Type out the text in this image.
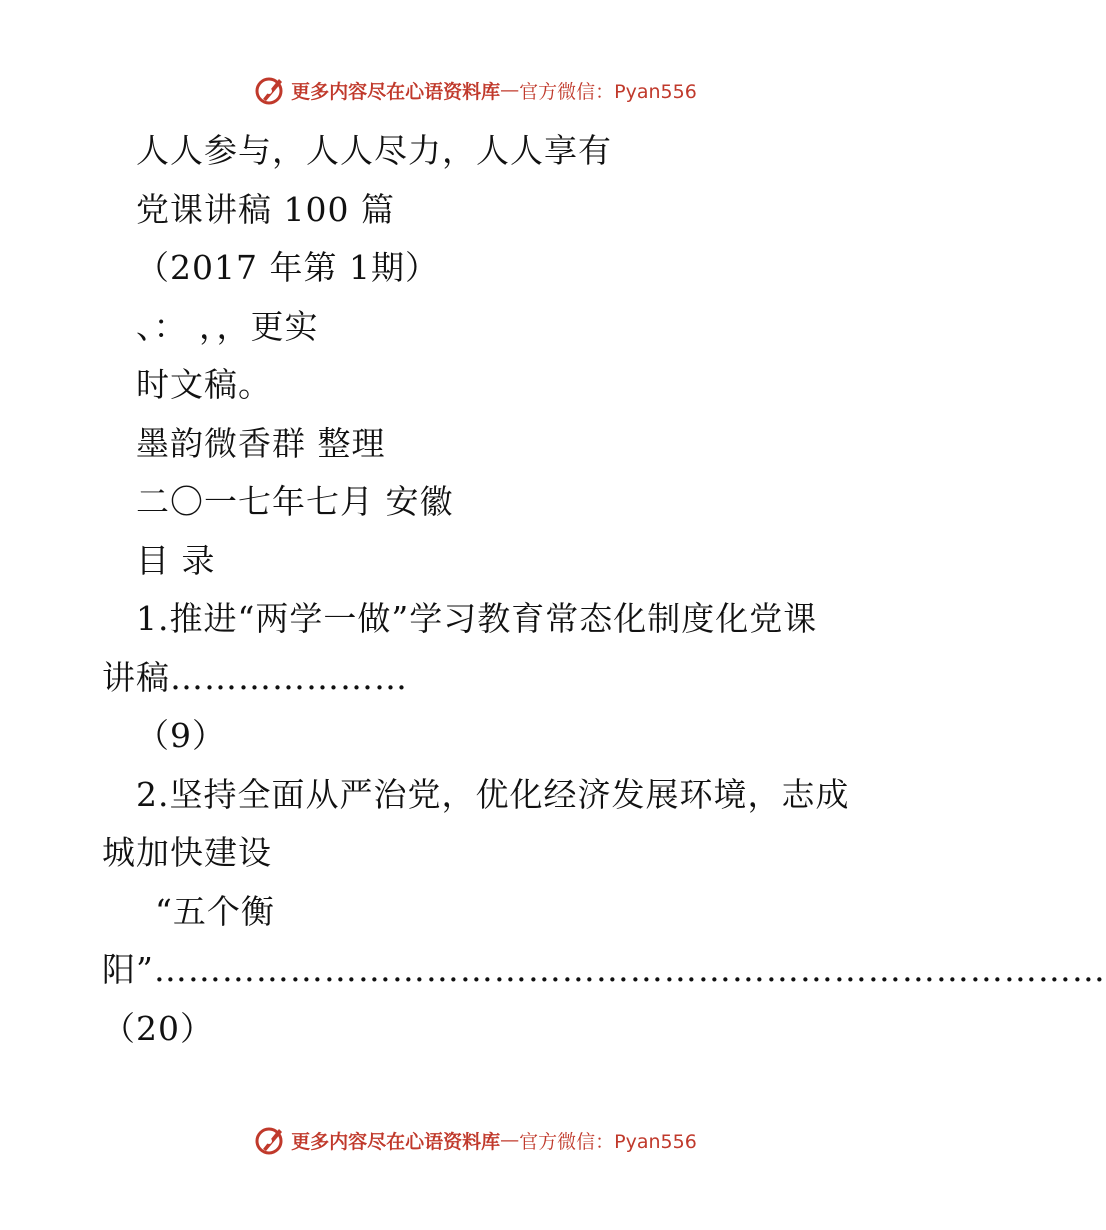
更多内容尽在心语资料库 — 官方微信：Pyan556
人人参与，人人尽力，人人享有
党课讲稿 100 篇
（2017 年第 1期）
、： ，，更实
时文稿。
墨韵微香群 整理
二〇一七年七月 安徽
目 录
1.推进“两学一做”学习教育常态化制度化党课
讲稿…………………
（9）
2.坚持全面从严治党，优化经济发展环境，志成
城加快建设
“五个衡
阳”…………………………………………………………………………
（20）
更多内容尽在心语资料库 — 官方微信：Pyan556
